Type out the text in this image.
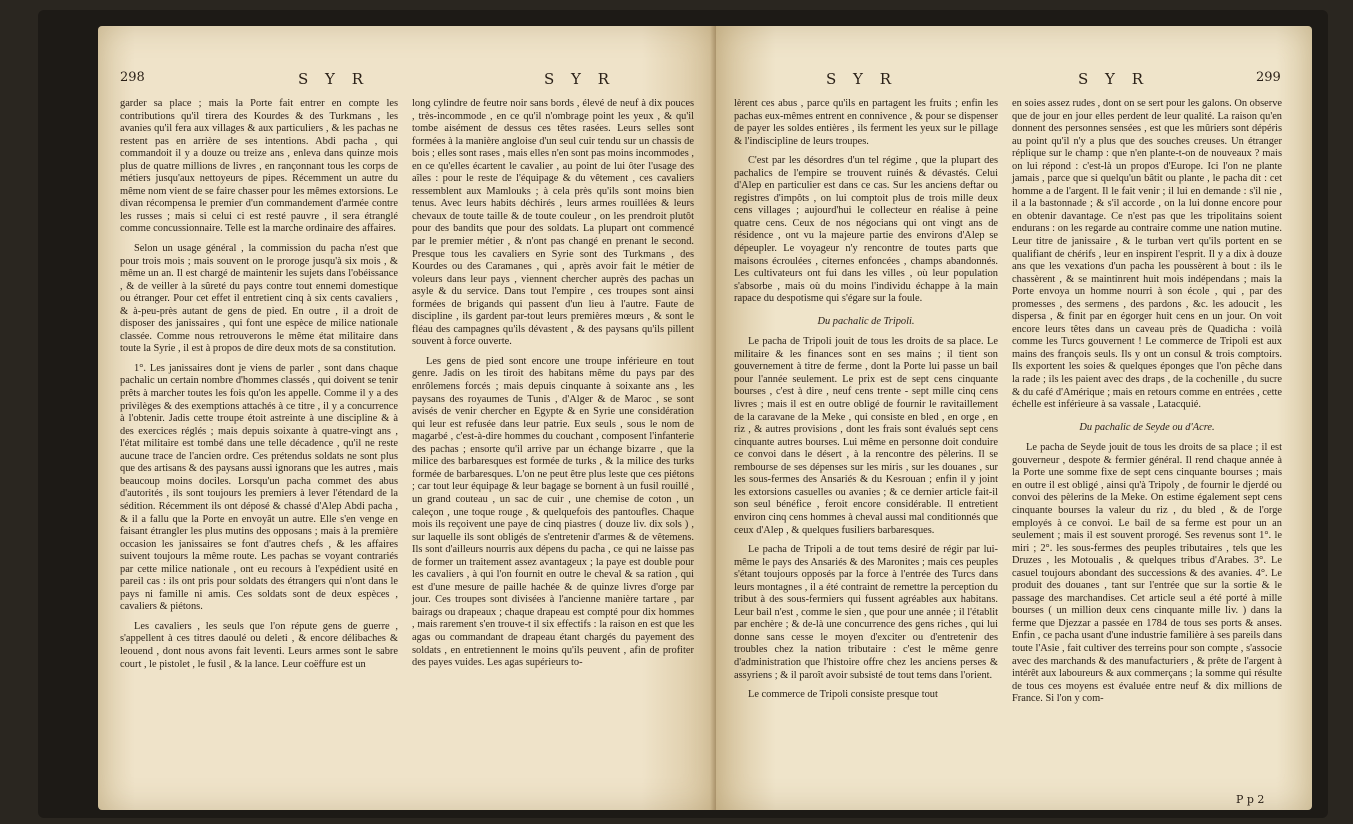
298	S Y R	S Y R

garder sa place ; mais la Porte fait entrer en compte les contributions qu'il tirera des Kourdes & des Turkmans , les avanies qu'il fera aux villages & aux particuliers , & les pachas ne restent pas en arrière de ses intentions. Abdi pacha , qui commandoit il y a douze ou treize ans , enleva dans quinze mois plus de quatre millions de livres , en rançonnant tous les corps de métiers jusqu'aux nettoyeurs de pipes. Récemment un autre du même nom vient de se faire chasser pour les mêmes extorsions. Le divan récompensa le premier d'un commandement d'armée contre les russes ; mais si celui ci est resté pauvre , il sera étranglé comme concussionnaire. Telle est la marche ordinaire des affaires.

Selon un usage général , la commission du pacha n'est que pour trois mois ; mais souvent on le proroge jusqu'à six mois , & même un an. Il est chargé de maintenir les sujets dans l'obéissance , & de veiller à la sûreté du pays contre tout ennemi domestique ou étranger. Pour cet effet il entretient cinq à six cents cavaliers , & à-peu-près autant de gens de pied. En outre , il a droit de disposer des janissaires , qui font une espèce de milice nationale classée. Comme nous retrouverons le même état militaire dans toute la Syrie , il est à propos de dire deux mots de sa constitution.

1°. Les janissaires dont je viens de parler , sont dans chaque pachalic un certain nombre d'hommes classés , qui doivent se tenir prêts à marcher toutes les fois qu'on les appelle. Comme il y a des privilèges & des exemptions attachés à ce titre , il y a concurrence à l'obtenir. Jadis cette troupe étoit astreinte à une discipline & à des exercices réglés ; mais depuis soixante à quatre-vingt ans , l'état militaire est tombé dans une telle décadence , qu'il ne reste aucune trace de l'ancien ordre. Ces prétendus soldats ne sont plus que des artisans & des paysans aussi ignorans que les autres , mais beaucoup moins dociles. Lorsqu'un pacha commet des abus d'autorités , ils sont toujours les premiers à lever l'étendard de la sédition. Récemment ils ont déposé & chassé d'Alep Abdi pacha , & il a fallu que la Porte en envoyât un autre. Elle s'en venge en faisant étrangler les plus mutins des opposans ; mais à la première occasion les janissaires se font d'autres chefs , & les affaires suivent toujours la même route. Les pachas se voyant contrariés par cette milice nationale , ont eu recours à l'expédient usité en pareil cas : ils ont pris pour soldats des étrangers qui n'ont dans le pays ni famille ni amis. Ces soldats sont de deux espèces , cavaliers & piétons.

Les cavaliers , les seuls que l'on répute gens de guerre , s'appellent à ces titres daoulé ou deleti , & encore délibaches & leouend , dont nous avons fait leventi. Leurs armes sont le sabre court , le pistolet , le fusil , & la lance. Leur coëffure est un

long cylindre de feutre noir sans bords , élevé de neuf à dix pouces , très-incommode , en ce qu'il n'ombrage point les yeux , & qu'il tombe aisément de dessus ces têtes rasées. Leurs selles sont formées à la manière angloise d'un seul cuir tendu sur un chassis de bois ; elles sont rases , mais elles n'en sont pas moins incommodes , en ce qu'elles écartent le cavalier , au point de lui ôter l'usage des aîles : pour le reste de l'équipage & du vêtement , ces cavaliers ressemblent aux Mamlouks ; à cela près qu'ils sont moins bien tenus. Avec leurs habits déchirés , leurs armes rouillées & leurs chevaux de toute taille & de toute couleur , on les prendroit plutôt pour des bandits que pour des soldats. La plupart ont commencé par le premier métier , & n'ont pas changé en prenant le second. Presque tous les cavaliers en Syrie sont des Turkmans , des Kourdes ou des Caramanes , qui , après avoir fait le métier de voleurs dans leur pays , viennent chercher auprès des pachas un asyle & du service. Dans tout l'empire , ces troupes sont ainsi formées de brigands qui passent d'un lieu à l'autre. Faute de discipline , ils gardent par-tout leurs premières mœurs , & sont le fléau des campagnes qu'ils dévastent , & des paysans qu'ils pillent souvent à force ouverte.

Les gens de pied sont encore une troupe inférieure en tout genre. Jadis on les tiroit des habitans même du pays par des enrôlemens forcés ; mais depuis cinquante à soixante ans , les paysans des royaumes de Tunis , d'Alger & de Maroc , se sont avisés de venir chercher en Egypte & en Syrie une considération qui leur est refusée dans leur patrie. Eux seuls , sous le nom de magarbé , c'est-à-dire hommes du couchant , composent l'infanterie des pachas ; ensorte qu'il arrive par un échange bizarre , que la milice des barbaresques est formée de turks , & la milice des turks formée de barbaresques. L'on ne peut être plus leste que ces piétons ; car tout leur équipage & leur bagage se bornent à un fusil rouillé , un grand couteau , un sac de cuir , une chemise de coton , un caleçon , une toque rouge , & quelquefois des pantoufles. Chaque mois ils reçoivent une paye de cinq piastres ( douze liv. dix sols ) , sur laquelle ils sont obligés de s'entretenir d'armes & de vêtemens. Ils sont d'ailleurs nourris aux dépens du pacha , ce qui ne laisse pas de former un traitement assez avantageux ; la paye est double pour les cavaliers , à qui l'on fournit en outre le cheval & sa ration , qui est d'une mesure de paille hachée & de quinze livres d'orge par jour. Ces troupes sont divisées à l'ancienne manière tartare , par bairags ou drapeaux ; chaque drapeau est compté pour dix hommes , mais rarement s'en trouve-t il six effectifs : la raison en est que les agas ou commandant de drapeau étant chargés du payement des soldats , en entretiennent le moins qu'ils peuvent , afin de profiter des payes vuides. Les agas supérieurs to-

S Y R	S Y R	299

lèrent ces abus , parce qu'ils en partagent les fruits ; enfin les pachas eux-mêmes entrent en connivence , & pour se dispenser de payer les soldes entières , ils ferment les yeux sur le pillage & l'indiscipline de leurs troupes.

C'est par les désordres d'un tel régime , que la plupart des pachalics de l'empire se trouvent ruinés & dévastés. Celui d'Alep en particulier est dans ce cas. Sur les anciens deftar ou registres d'impôts , on lui comptoit plus de trois mille deux cens villages ; aujourd'hui le collecteur en réalise à peine quatre cens. Ceux de nos négocians qui ont vingt ans de résidence , ont vu la majeure partie des environs d'Alep se dépeupler. Le voyageur n'y rencontre de toutes parts que maisons écroulées , citernes enfoncées , champs abandonnés. Les cultivateurs ont fui dans les villes , où leur population s'absorbe , mais où du moins l'individu échappe à la main rapace du despotisme qui s'égare sur la foule.

Du pachalic de Tripoli.

Le pacha de Tripoli jouit de tous les droits de sa place. Le militaire & les finances sont en ses mains ; il tient son gouvernement à titre de ferme , dont la Porte lui passe un bail pour l'année seulement. Le prix est de sept cens cinquante bourses , c'est à dire , neuf cens trente - sept mille cinq cens livres ; mais il est en outre obligé de fournir le ravitaillement de la caravane de la Meke , qui consiste en bled , en orge , en riz , & autres provisions , dont les frais sont évalués sept cens cinquante autres bourses. Lui même en personne doit conduire ce convoi dans le désert , à la rencontre des pèlerins. Il se rembourse de ses dépenses sur les miris , sur les douanes , sur les sous-fermes des Ansariés & du Kesrouan ; enfin il y joint les extorsions casuelles ou avanies ; & ce dernier article fait-il son seul bénéfice , feroit encore considérable. Il entretient environ cinq cens hommes à cheval aussi mal conditionnés que ceux d'Alep , & quelques fusiliers barbaresques.

Le pacha de Tripoli a de tout tems desiré de régir par lui-même le pays des Ansariés & des Maronites ; mais ces peuples s'étant toujours opposés par la force à l'entrée des Turcs dans leurs montagnes , il a été contraint de remettre la perception du tribut à des sous-fermiers qui fussent agréables aux habitans. Leur bail n'est , comme le sien , que pour une année ; il l'établit par enchère ; & de-là une concurrence des gens riches , qui lui donne sans cesse le moyen d'exciter ou d'entretenir des troubles chez la nation tributaire : c'est le même genre d'administration que l'histoire offre chez les anciens perses & assyriens ; & il paroît avoir subsisté de tout tems dans l'orient.

Le commerce de Tripoli consiste presque tout

en soies assez rudes , dont on se sert pour les galons. On observe que de jour en jour elles perdent de leur qualité. La raison qu'en donnent des personnes sensées , est que les mûriers sont dépéris au point qu'il n'y a plus que des souches creuses. Un étranger réplique sur le champ : que n'en plante-t-on de nouveaux ? mais on lui répond : c'est-là un propos d'Europe. Ici l'on ne plante jamais , parce que si quelqu'un bâtit ou plante , le pacha dit : cet homme a de l'argent. Il le fait venir ; il lui en demande : s'il nie , il a la bastonnade ; & s'il accorde , on la lui donne encore pour en obtenir davantage. Ce n'est pas que les tripolitains soient endurans : on les regarde au contraire comme une nation mutine. Leur titre de janissaire , & le turban vert qu'ils portent en se qualifiant de chérifs , leur en inspirent l'esprit. Il y a dix à douze ans que les vexations d'un pacha les poussèrent à bout : ils le chassèrent , & se maintinrent huit mois indépendans ; mais la Porte envoya un homme nourri à son école , qui , par des promesses , des sermens , des pardons , &c. les adoucit , les dispersa , & finit par en égorger huit cens en un jour. On voit encore leurs têtes dans un caveau près de Quadicha : voilà comme les Turcs gouvernent ! Le commerce de Tripoli est aux mains des françois seuls. Ils y ont un consul & trois comptoirs. Ils exportent les soies & quelques éponges que l'on pêche dans la rade ; ils les paient avec des draps , de la cochenille , du sucre & du café d'Amérique ; mais en retours comme en entrées , cette échelle est inférieure à sa vassale , Latacquié.

Du pachalic de Seyde ou d'Acre.

Le pacha de Seyde jouit de tous les droits de sa place ; il est gouverneur , despote & fermier général. Il rend chaque année à la Porte une somme fixe de sept cens cinquante bourses ; mais en outre il est obligé , ainsi qu'à Tripoly , de fournir le djerdé ou convoi des pèlerins de la Meke. On estime également sept cens cinquante bourses la valeur du riz , du bled , & de l'orge employés à ce convoi. Le bail de sa ferme est pour un an seulement ; mais il est souvent prorogé. Ses revenus sont 1°. le miri ; 2°. les sous-fermes des peuples tributaires , tels que les Druzes , les Motoualis , & quelques tribus d'Arabes. 3°. Le casuel toujours abondant des successions & des avanies. 4°. Le produit des douanes , tant sur l'entrée que sur la sortie & le passage des marchandises. Cet article seul a été porté à mille bourses ( un million deux cens cinquante mille liv. ) dans la ferme que Djezzar a passée en 1784 de tous ses ports & anses. Enfin , ce pacha usant d'une industrie familière à ses pareils dans toute l'Asie , fait cultiver des terreins pour son compte , s'associe avec des marchands & des manufacturiers , & prête de l'argent à intérêt aux laboureurs & aux commerçans ; la somme qui résulte de tous ces moyens est évaluée entre neuf & dix millions de France. Si l'on y com-

P p 2
